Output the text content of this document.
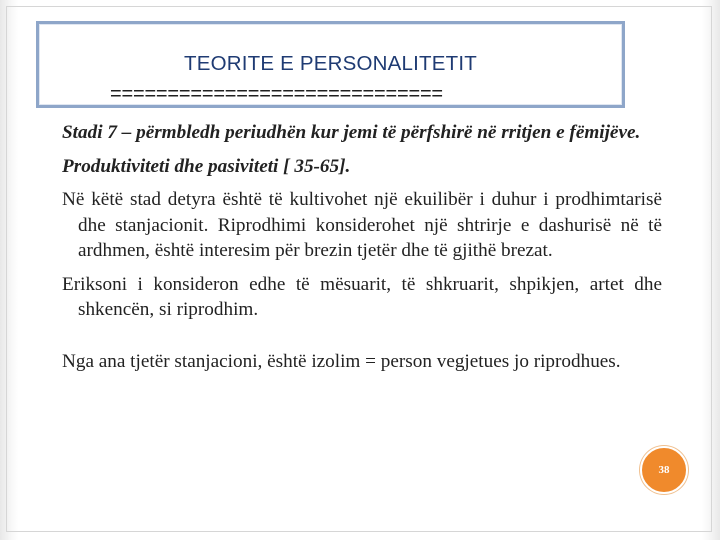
TEORITE E PERSONALITETIT
=============================

Stadi 7 – përmbledh periudhën kur jemi të përfshirë në rritjen e fëmijëve.

Produktiviteti dhe pasiviteti [ 35-65].

Në këtë stad detyra është të kultivohet një ekuilibër i duhur i prodhimtarisë dhe stanjacionit. Riprodhimi konsiderohet një shtrirje e dashurisë në të ardhmen, është interesim për brezin tjetër dhe të gjithë brezat.

Eriksoni i konsideron edhe të mësuarit, të shkruarit, shpikjen, artet dhe shkencën, si riprodhim.

Nga ana tjetër stanjacioni, është izolim = person vegjetues jo riprodhues.

38
